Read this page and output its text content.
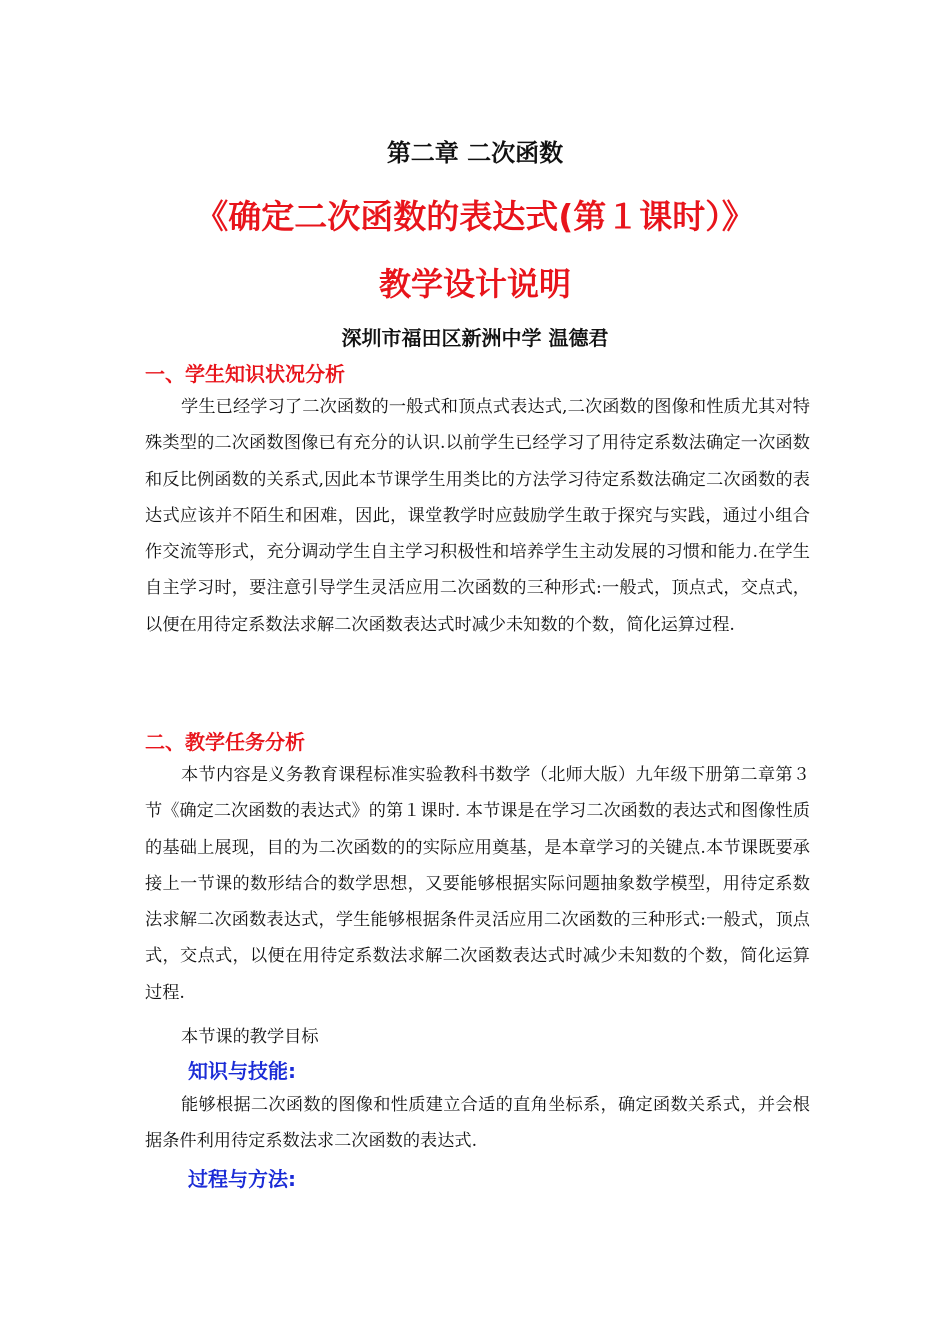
第二章 二次函数
《确定二次函数的表达式(第１课时）》
教学设计说明
深圳市福田区新洲中学 温德君
一、学生知识状况分析

学生已经学习了二次函数的一般式和顶点式表达式,二次函数的图像和性质尤其对特殊类型的二次函数图像已有充分的认识.以前学生已经学习了用待定系数法确定一次函数和反比例函数的关系式,因此本节课学生用类比的方法学习待定系数法确定二次函数的表达式应该并不陌生和困难，因此，课堂教学时应鼓励学生敢于探究与实践，通过小组合作交流等形式，充分调动学生自主学习积极性和培养学生主动发展的习惯和能力.在学生自主学习时，要注意引导学生灵活应用二次函数的三种形式:一般式，顶点式，交点式，以便在用待定系数法求解二次函数表达式时减少未知数的个数，简化运算过程.

二、教学任务分析

本节内容是义务教育课程标准实验教科书数学（北师大版）九年级下册第二章第３节《确定二次函数的表达式》的第１课时. 本节课是在学习二次函数的表达式和图像性质的基础上展现，目的为二次函数的的实际应用奠基，是本章学习的关键点.本节课既要承接上一节课的数形结合的数学思想，又要能够根据实际问题抽象数学模型，用待定系数法求解二次函数表达式，学生能够根据条件灵活应用二次函数的三种形式:一般式，顶点式，交点式，以便在用待定系数法求解二次函数表达式时减少未知数的个数，简化运算过程.

本节课的教学目标
知识与技能:

能够根据二次函数的图像和性质建立合适的直角坐标系，确定函数关系式，并会根据条件利用待定系数法求二次函数的表达式.

过程与方法:
